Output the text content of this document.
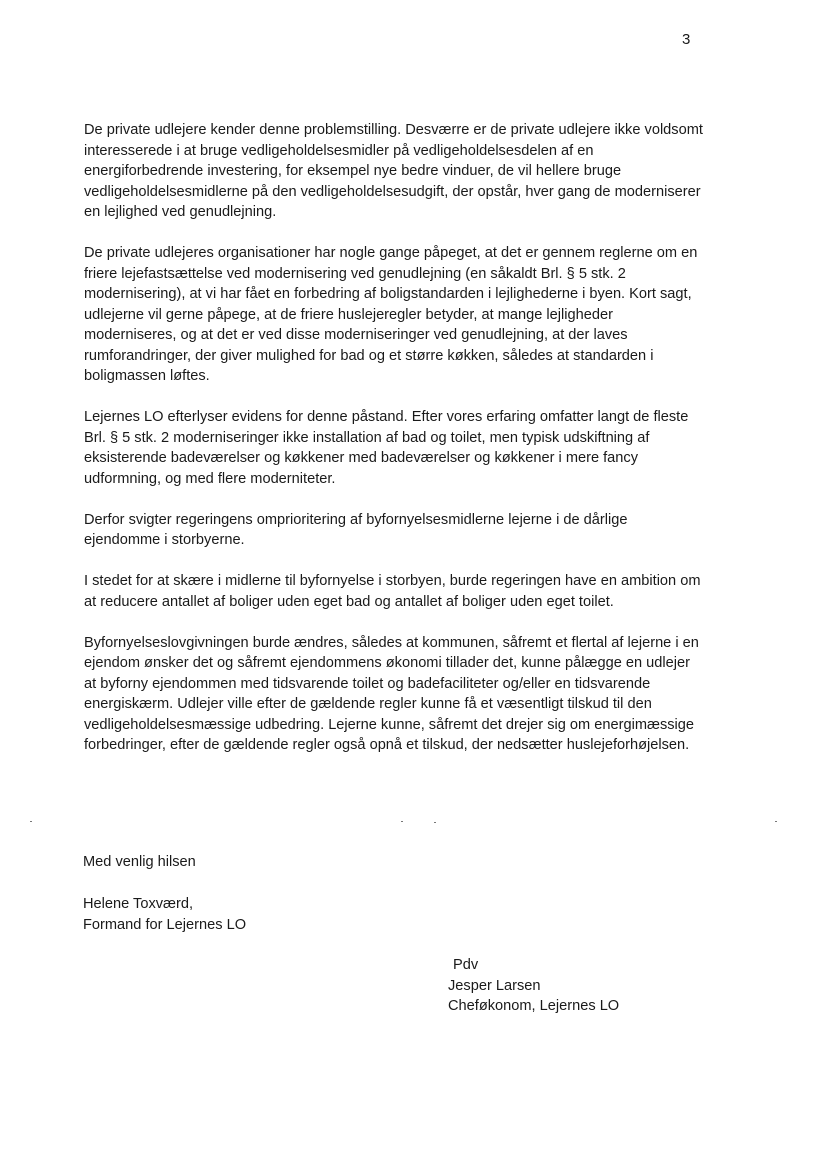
3

De private udlejere kender denne problemstilling. Desværre er de private udlejere ikke voldsomt interesserede i at bruge vedligeholdelsesmidler på vedligeholdelsesdelen af en energiforbedrende investering, for eksempel nye bedre vinduer, de vil hellere bruge vedligeholdelsesmidlerne på den vedligeholdelsesudgift, der opstår, hver gang de moderniserer en lejlighed ved genudlejning.

De private udlejeres organisationer har nogle gange påpeget, at det er gennem reglerne om en friere lejefastsættelse ved modernisering ved genudlejning (en såkaldt Brl. § 5 stk. 2 modernisering), at vi har fået en forbedring af boligstandarden i lejlighederne i byen. Kort sagt, udlejerne vil gerne påpege, at de friere huslejeregler betyder, at mange lejligheder moderniseres, og at det er ved disse moderniseringer ved genudlejning, at der laves rumforandringer, der giver mulighed for bad og et større køkken, således at standarden i boligmassen løftes.

Lejernes LO efterlyser evidens for denne påstand. Efter vores erfaring omfatter langt de fleste Brl. § 5 stk. 2 moderniseringer ikke installation af bad og toilet, men typisk udskiftning af eksisterende badeværelser og køkkener med badeværelser og køkkener i mere fancy udformning, og med flere moderniteter.

Derfor svigter regeringens omprioritering af byfornyelsesmidlerne lejerne i de dårlige ejendomme i storbyerne.

I stedet for at skære i midlerne til byfornyelse i storbyen, burde regeringen have en ambition om at reducere antallet af boliger uden eget bad og antallet af boliger uden eget toilet.

Byfornyelseslovgivningen burde ændres, således at kommunen, såfremt et flertal af lejerne i en ejendom ønsker det og såfremt ejendommens økonomi tillader det, kunne pålægge en udlejer at byforny ejendommen med tidsvarende toilet og badefaciliteter og/eller en tidsvarende energiskærm. Udlejer ville efter de gældende regler kunne få et væsentligt tilskud til den vedligeholdelsesmæssige udbedring. Lejerne kunne, såfremt det drejer sig om energimæssige forbedringer, efter de gældende regler også opnå et tilskud, der nedsætter huslejeforhøjelsen.

Med venlig hilsen
Helene Toxværd,
Formand for Lejernes LO
Pdv
Jesper Larsen
Cheføkonom, Lejernes LO
